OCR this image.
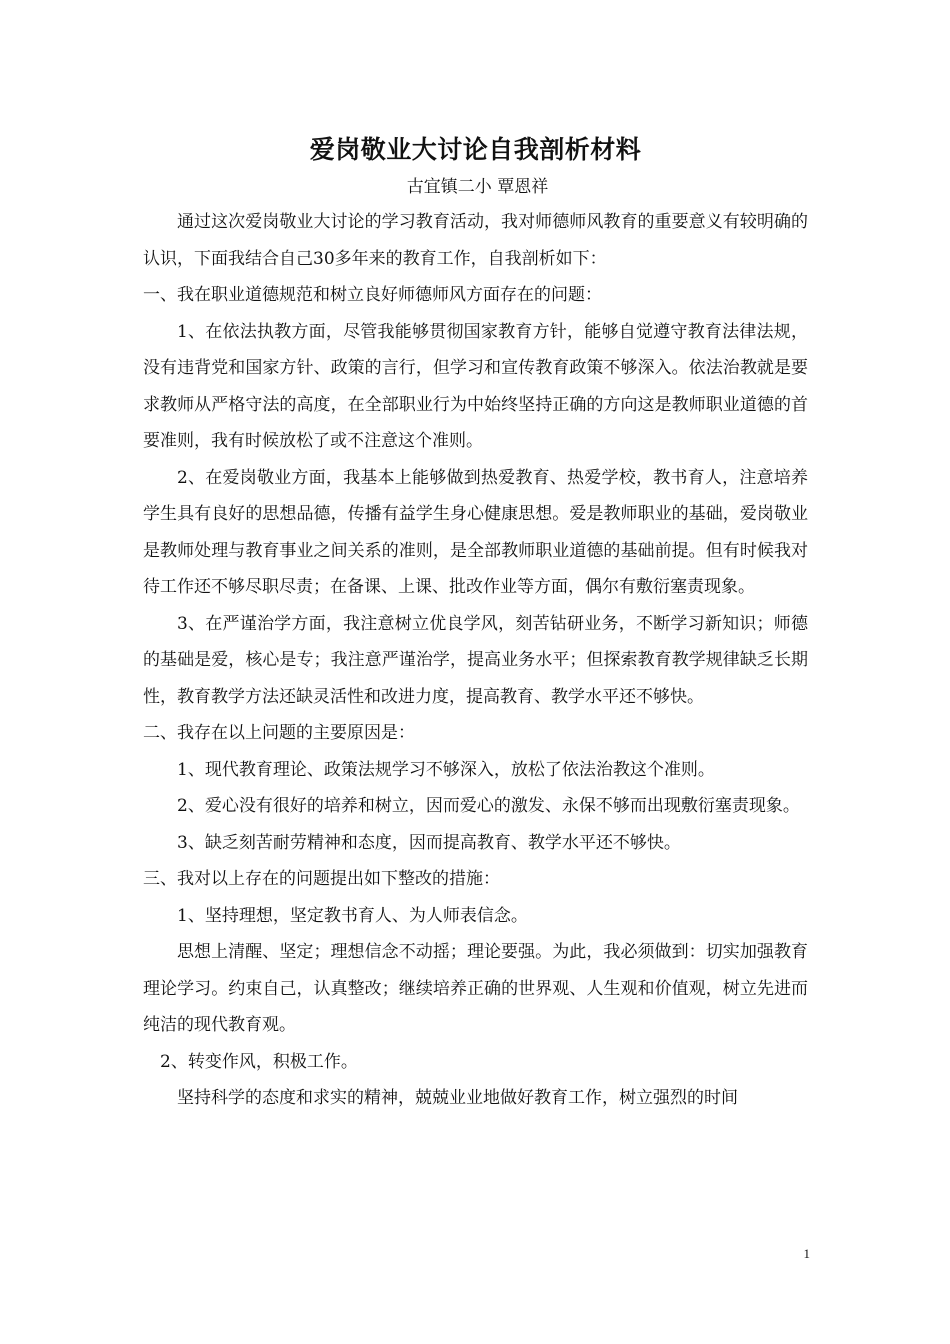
爱岗敬业大讨论自我剖析材料

古宜镇二小 覃恩祥

通过这次爱岗敬业大讨论的学习教育活动，我对师德师风教育的重要意义有较明确的认识，下面我结合自己30多年来的教育工作，自我剖析如下：

一、我在职业道德规范和树立良好师德师风方面存在的问题：

1、在依法执教方面，尽管我能够贯彻国家教育方针，能够自觉遵守教育法律法规，没有违背党和国家方针、政策的言行，但学习和宣传教育政策不够深入。依法治教就是要求教师从严格守法的高度，在全部职业行为中始终坚持正确的方向这是教师职业道德的首要准则，我有时候放松了或不注意这个准则。

2、在爱岗敬业方面，我基本上能够做到热爱教育、热爱学校，教书育人，注意培养学生具有良好的思想品德，传播有益学生身心健康思想。爱是教师职业的基础，爱岗敬业是教师处理与教育事业之间关系的准则，是全部教师职业道德的基础前提。但有时候我对待工作还不够尽职尽责；在备课、上课、批改作业等方面，偶尔有敷衍塞责现象。

3、在严谨治学方面，我注意树立优良学风，刻苦钻研业务，不断学习新知识；师德的基础是爱，核心是专；我注意严谨治学，提高业务水平；但探索教育教学规律缺乏长期性，教育教学方法还缺灵活性和改进力度，提高教育、教学水平还不够快。

二、我存在以上问题的主要原因是：

1、现代教育理论、政策法规学习不够深入，放松了依法治教这个准则。

2、爱心没有很好的培养和树立，因而爱心的激发、永保不够而出现敷衍塞责现象。

3、缺乏刻苦耐劳精神和态度，因而提高教育、教学水平还不够快。

三、我对以上存在的问题提出如下整改的措施：

1、坚持理想，坚定教书育人、为人师表信念。

思想上清醒、坚定；理想信念不动摇；理论要强。为此，我必须做到：切实加强教育理论学习。约束自己，认真整改；继续培养正确的世界观、人生观和价值观，树立先进而纯洁的现代教育观。

2、转变作风，积极工作。

坚持科学的态度和求实的精神，兢兢业业地做好教育工作，树立强烈的时间

1
